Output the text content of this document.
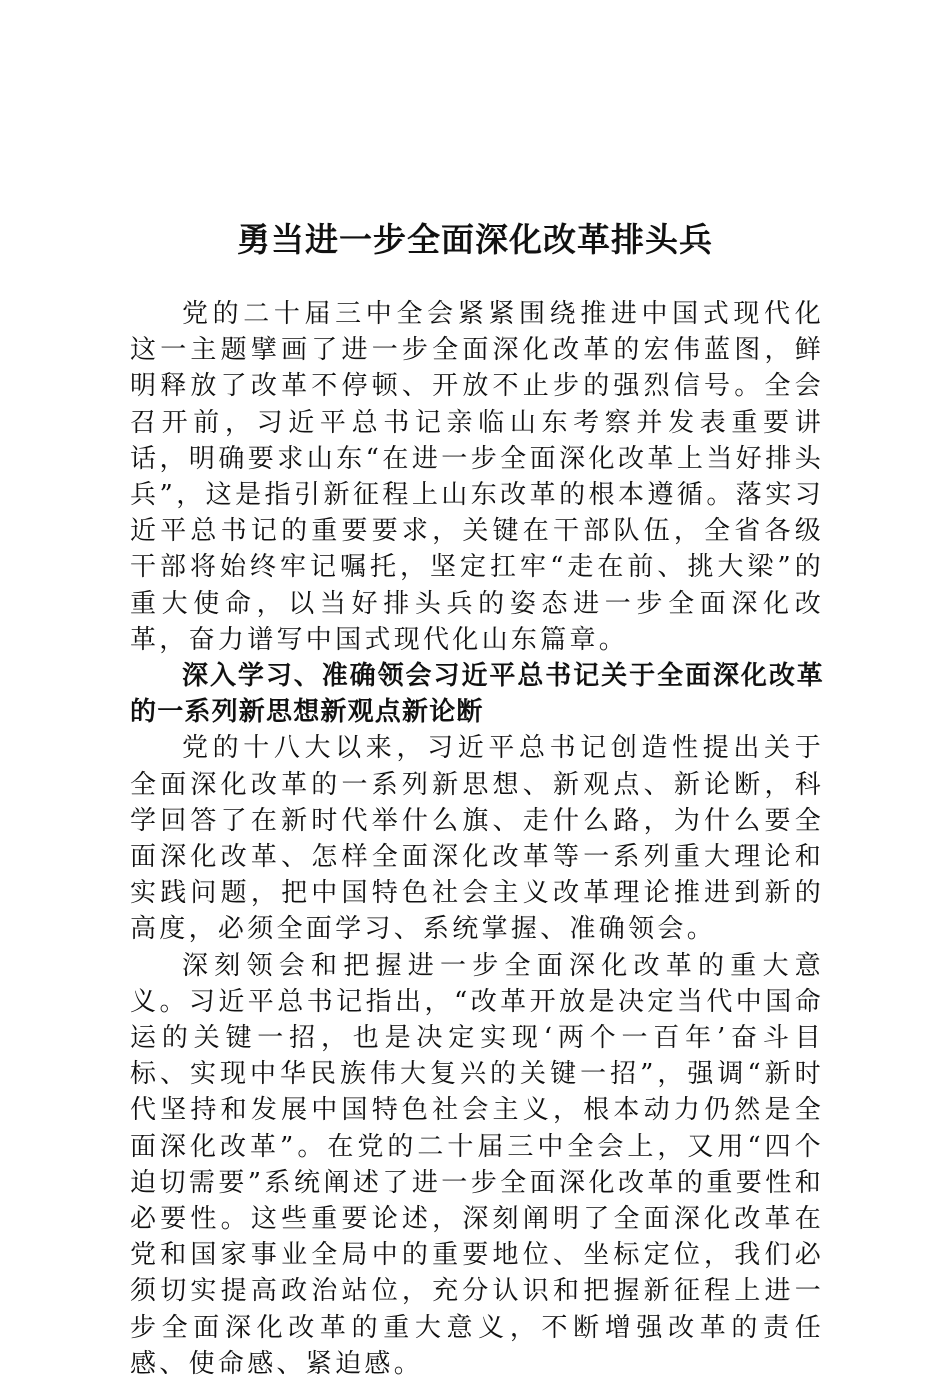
勇当进一步全面深化改革排头兵

党的二十届三中全会紧紧围绕推进中国式现代化这一主题擘画了进一步全面深化改革的宏伟蓝图，鲜明释放了改革不停顿、开放不止步的强烈信号。全会召开前，习近平总书记亲临山东考察并发表重要讲话，明确要求山东“在进一步全面深化改革上当好排头兵”，这是指引新征程上山东改革的根本遵循。落实习近平总书记的重要要求，关键在干部队伍，全省各级干部将始终牢记嘱托，坚定扛牢“走在前、挑大梁”的重大使命，以当好排头兵的姿态进一步全面深化改革，奋力谱写中国式现代化山东篇章。

深入学习、准确领会习近平总书记关于全面深化改革的一系列新思想新观点新论断

党的十八大以来，习近平总书记创造性提出关于全面深化改革的一系列新思想、新观点、新论断，科学回答了在新时代举什么旗、走什么路，为什么要全面深化改革、怎样全面深化改革等一系列重大理论和实践问题，把中国特色社会主义改革理论推进到新的高度，必须全面学习、系统掌握、准确领会。

深刻领会和把握进一步全面深化改革的重大意义。习近平总书记指出，“改革开放是决定当代中国命运的关键一招，也是决定实现‘两个一百年’奋斗目标、实现中华民族伟大复兴的关键一招”，强调“新时代坚持和发展中国特色社会主义，根本动力仍然是全面深化改革”。在党的二十届三中全会上，又用“四个迫切需要”系统阐述了进一步全面深化改革的重要性和必要性。这些重要论述，深刻阐明了全面深化改革在党和国家事业全局中的重要地位、坐标定位，我们必须切实提高政治站位，充分认识和把握新征程上进一步全面深化改革的重大意义，不断增强改革的责任感、使命感、紧迫感。
